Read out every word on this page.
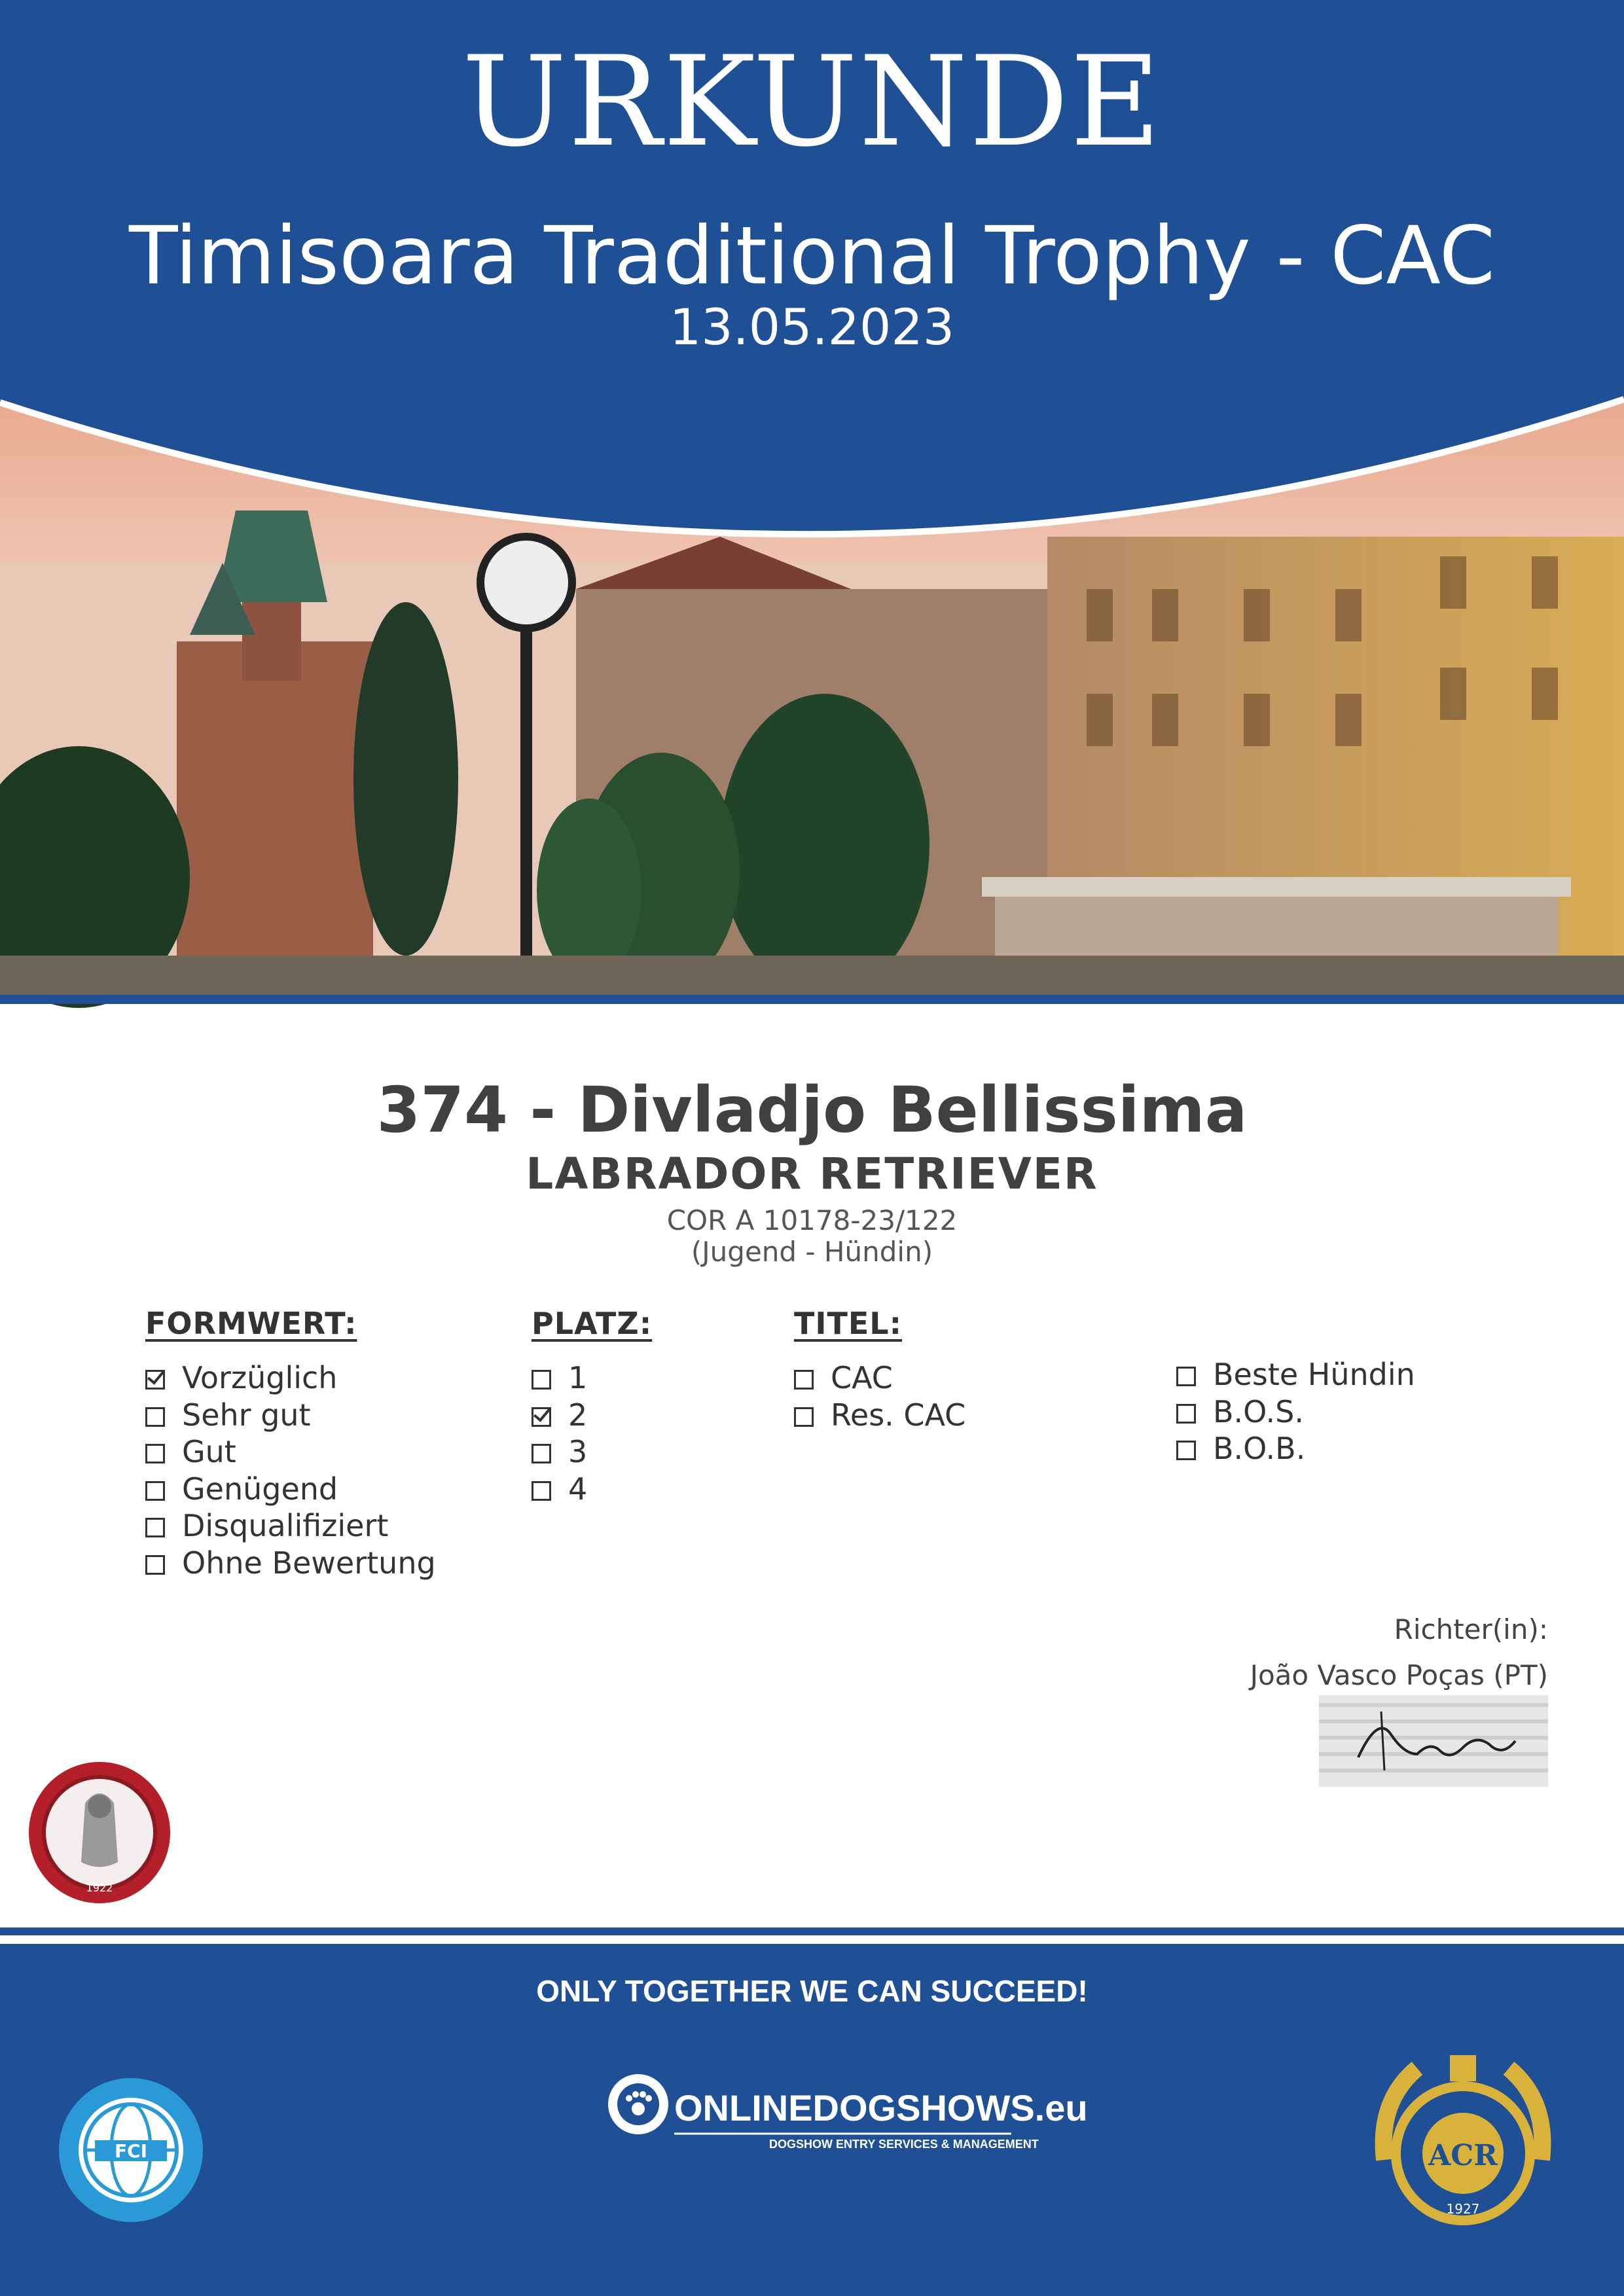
URKUNDE
Timisoara Traditional Trophy - CAC
13.05.2023
374 - Divladjo Bellissima
LABRADOR RETRIEVER
COR A 10178-23/122
(Jugend - Hündin)
FORMWERT:
Vorzüglich
Sehr gut
Gut
Genügend
Disqualifiziert
Ohne Bewertung
PLATZ:
1
2
3
4
TITEL:
CAC
Res. CAC
Beste Hündin
B.O.S.
B.O.B.
Richter(in):
João Vasco Poças (PT)
1922
ONLY TOGETHER WE CAN SUCCEED!
FCI
ONLINEDOGSHOWS.eu
DOGSHOW ENTRY SERVICES & MANAGEMENT	ACR
1927
